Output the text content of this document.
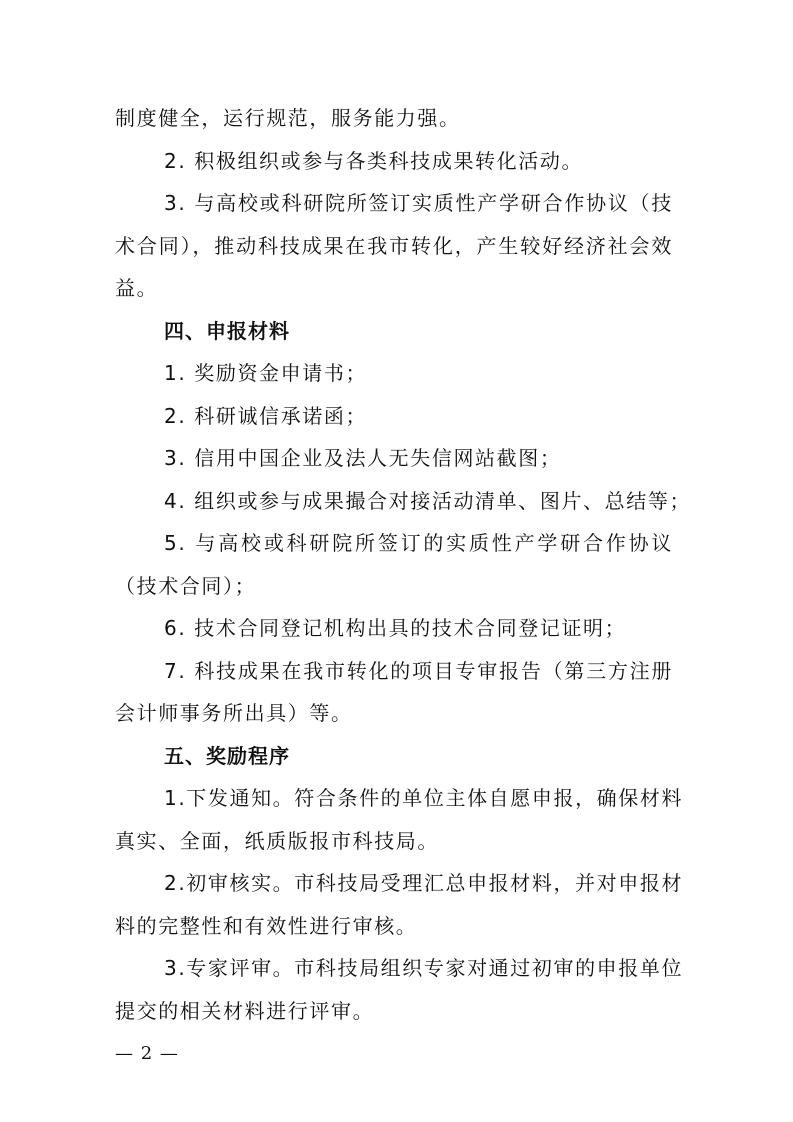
制度健全，运行规范，服务能力强。
2. 积极组织或参与各类科技成果转化活动。
3. 与高校或科研院所签订实质性产学研合作协议（技
术合同），推动科技成果在我市转化，产生较好经济社会效
益。
四、申报材料
1. 奖励资金申请书；
2. 科研诚信承诺函；
3. 信用中国企业及法人无失信网站截图；
4. 组织或参与成果撮合对接活动清单、图片、总结等；
5. 与高校或科研院所签订的实质性产学研合作协议
（技术合同）；
6. 技术合同登记机构出具的技术合同登记证明；
7. 科技成果在我市转化的项目专审报告（第三方注册
会计师事务所出具）等。
五、奖励程序
1.下发通知。符合条件的单位主体自愿申报，确保材料
真实、全面，纸质版报市科技局。
2.初审核实。市科技局受理汇总申报材料，并对申报材
料的完整性和有效性进行审核。
3.专家评审。市科技局组织专家对通过初审的申报单位
提交的相关材料进行评审。
— 2 —
